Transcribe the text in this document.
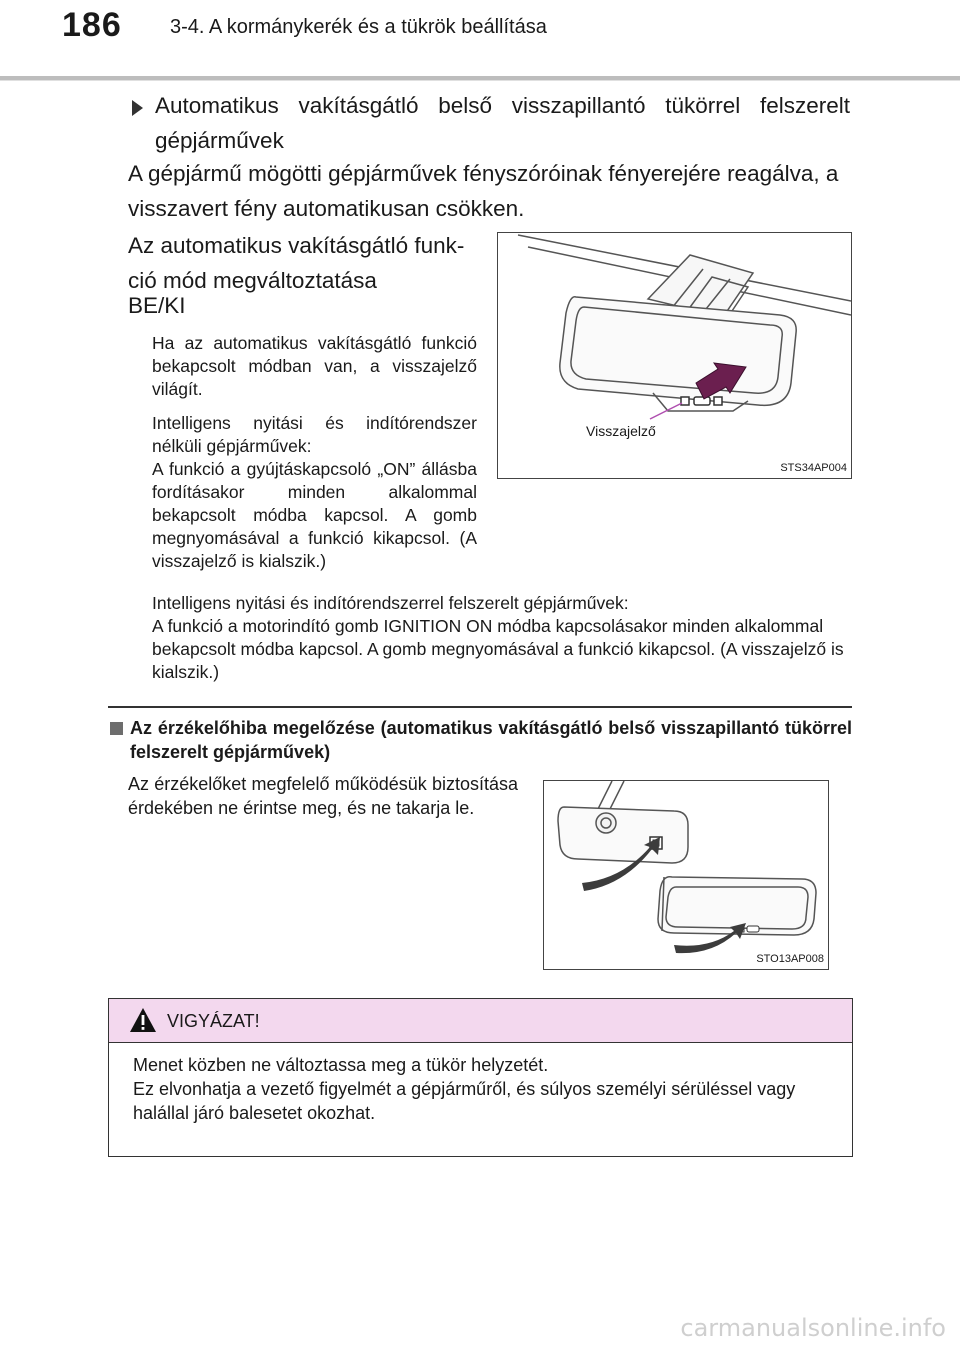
186 3-4. A kormánykerék és a tükrök beállítása
Automatikus vakításgátló belső visszapillantó tükörrel felszerelt gépjárművek
A gépjármű mögötti gépjárművek fényszóróinak fényerejére reagálva, a visszavert fény automatikusan csökken.
Az automatikus vakításgátló funkció mód megváltoztatása
BE/KI
Ha az automatikus vakításgátló funkció bekapcsolt módban van, a visszajelző világít.
Intelligens nyitási és indítórendszer nélküli gépjárművek:
A funkció a gyújtáskapcsoló „ON” állásba fordításakor minden alkalommal bekapcsolt módba kapcsol. A gomb megnyomásával a funkció kikapcsol. (A visszajelző is kialszik.)
Intelligens nyitási és indítórendszerrel felszerelt gépjárművek:
A funkció a motorindító gomb IGNITION ON módba kapcsolásakor minden alkalommal bekapcsolt módba kapcsol. A gomb megnyomásával a funkció kikapcsol. (A visszajelző is kialszik.)
Visszajelző
STS34AP004
Az érzékelőhiba megelőzése (automatikus vakításgátló belső visszapillantó tükörrel felszerelt gépjárművek)
Az érzékelőket megfelelő működésük biztosítása érdekében ne érintse meg, és ne takarja le.
STO13AP008
VIGYÁZAT!
Menet közben ne változtassa meg a tükör helyzetét.
Ez elvonhatja a vezető figyelmét a gépjárműről, és súlyos személyi sérüléssel vagy halállal járó balesetet okozhat.
carmanualsonline.info
